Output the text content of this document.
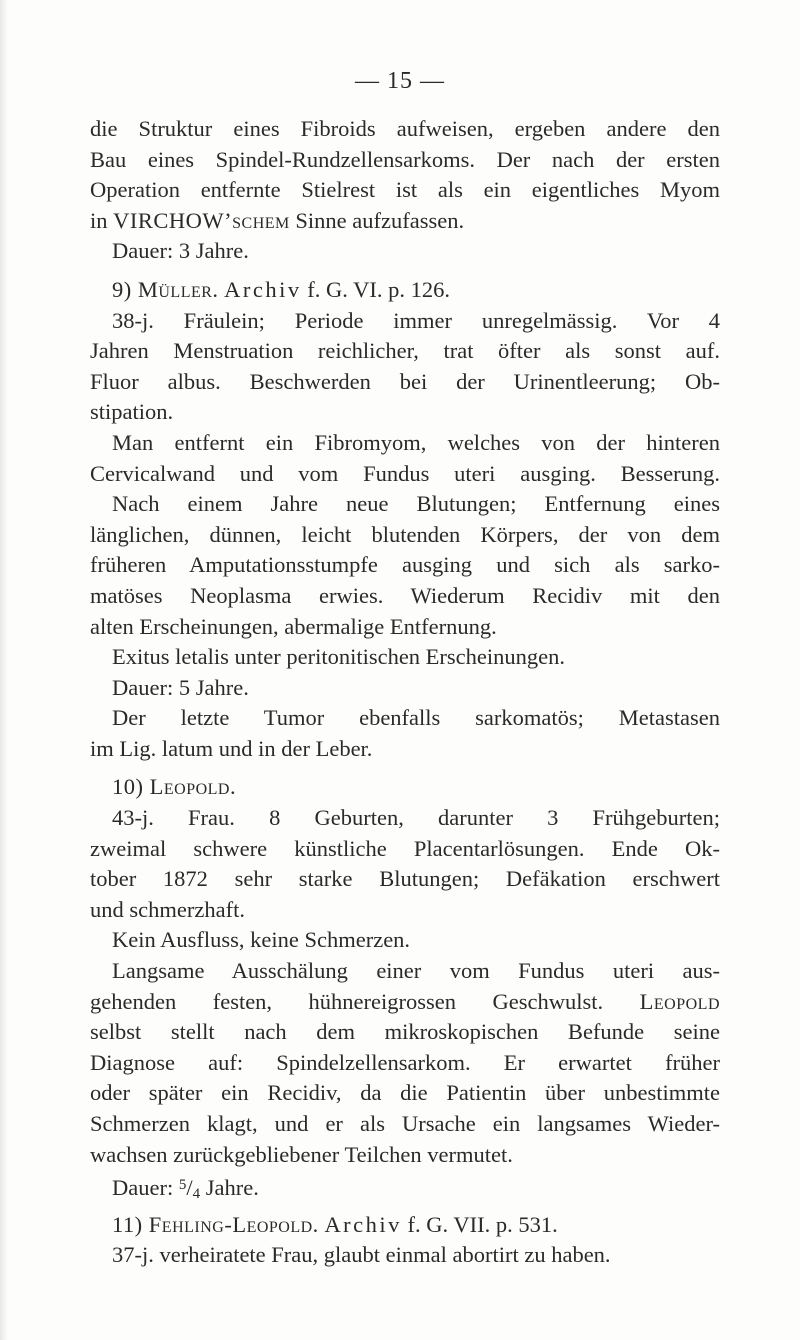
— 15 —
die Struktur eines Fibroids aufweisen, ergeben andere den
Bau eines Spindel-Rundzellensarkoms. Der nach der ersten
Operation entfernte Stielrest ist als ein eigentliches Myom
in VIRCHOW’schem Sinne aufzufassen.
Dauer: 3 Jahre.
9) Müller. Archiv f. G. VI. p. 126.
38-j. Fräulein; Periode immer unregelmässig. Vor 4
Jahren Menstruation reichlicher, trat öfter als sonst auf.
Fluor albus. Beschwerden bei der Urinentleerung; Ob-
stipation.
Man entfernt ein Fibromyom, welches von der hinteren
Cervicalwand und vom Fundus uteri ausging. Besserung.
Nach einem Jahre neue Blutungen; Entfernung eines
länglichen, dünnen, leicht blutenden Körpers, der von dem
früheren Amputationsstumpfe ausging und sich als sarko-
matöses Neoplasma erwies. Wiederum Recidiv mit den
alten Erscheinungen, abermalige Entfernung.
Exitus letalis unter peritonitischen Erscheinungen.
Dauer: 5 Jahre.
Der letzte Tumor ebenfalls sarkomatös; Metastasen
im Lig. latum und in der Leber.
10) Leopold.
43-j. Frau. 8 Geburten, darunter 3 Frühgeburten;
zweimal schwere künstliche Placentarlösungen. Ende Ok-
tober 1872 sehr starke Blutungen; Defäkation erschwert
und schmerzhaft.
Kein Ausfluss, keine Schmerzen.
Langsame Ausschälung einer vom Fundus uteri aus-
gehenden festen, hühnereigrossen Geschwulst. Leopold
selbst stellt nach dem mikroskopischen Befunde seine
Diagnose auf: Spindelzellensarkom. Er erwartet früher
oder später ein Recidiv, da die Patientin über unbestimmte
Schmerzen klagt, und er als Ursache ein langsames Wieder-
wachsen zurückgebliebener Teilchen vermutet.
Dauer: $^5$/4 Jahre.
11) Fehling-Leopold. Archiv f. G. VII. p. 531.
37-j. verheiratete Frau, glaubt einmal abortirt zu haben.
